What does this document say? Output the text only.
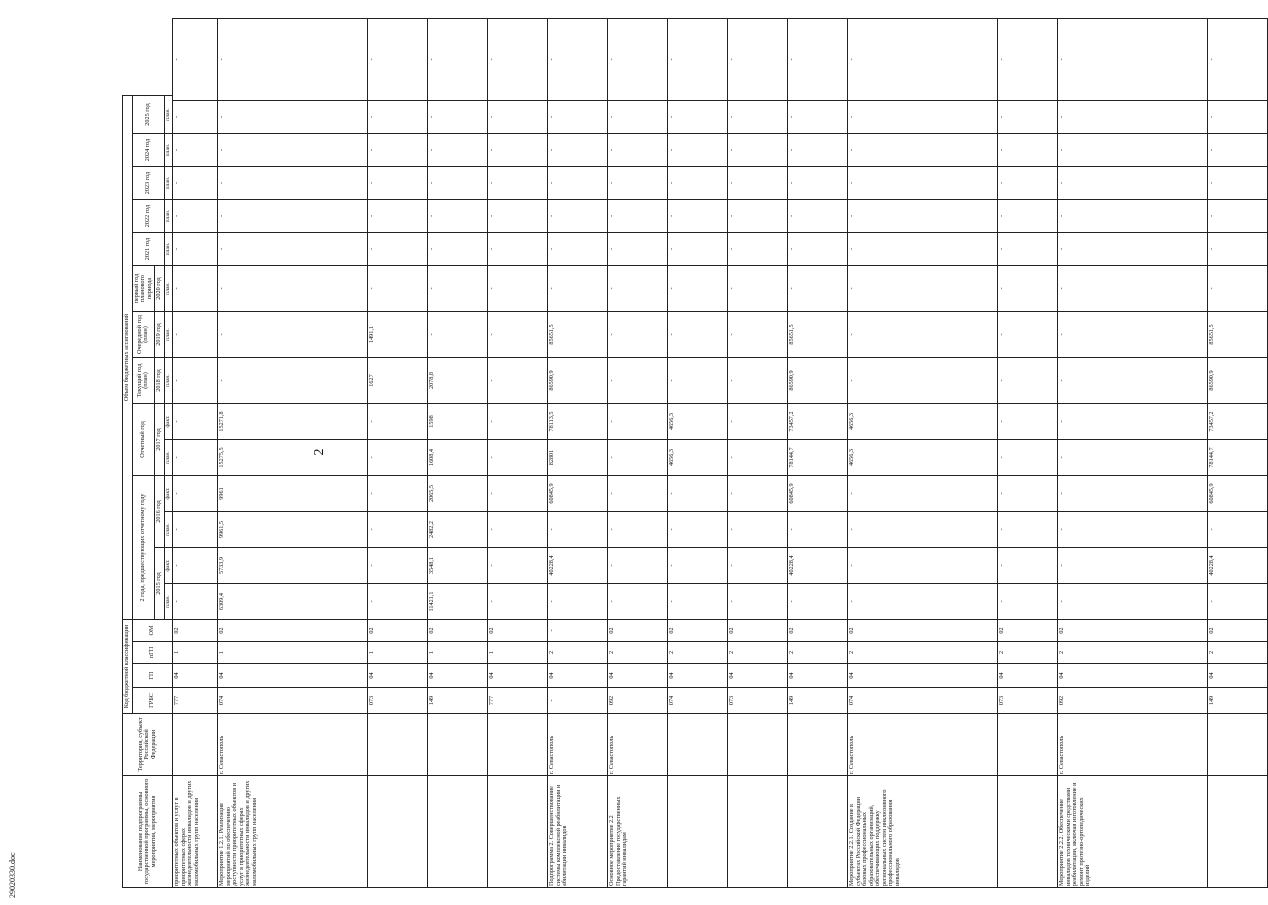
2
Наименование подпрограммы государственной программы, основного мероприятия, мероприятия	Территория, субъект Российской Федерации	Код бюджетной классификации				Объем бюджетных ассигнований														
		ГРБС	ГП	пГП	ОМ	2 года, предшествующих отчетному году				Отчетный год		Текущий год (план)	Очередной год (план)	первый год планового периода	2021 год	2022 год	2023 год	2024 год	2025 год	
						2015 год		2016 год		2017 год		2018 год	2019 год	2020 год						
						план.	факт.	план.	факт.	план.	факт.	план.	план.	план.	план.	план.	план.	план.	план.	
приоритетных объектов и услуг в приоритетных сферах жизнедеятельности инвалидов и других маломобильных групп населения		777	04	1	02	-	-	-	-	-	-	-	-	-	-	-	-	-	-	-
Мероприятие 1.2.1. Реализация мероприятий по обеспечению доступности приоритетных объектов и услуг в приоритетных сферах жизнедеятельности инвалидов и других маломобильных групп населения	г. Севастополь	074	04	1	02	6309,4	5733,9	9961,5	9961	15275,5	15271,8	-	-	-	-	-	-	-	-	-
		073	04	1	02	-	-	-	-	-	-	1627	1491,1	-	-	-	-	-	-	-
		149	04	1	02	11421,1	3548,1	2482,2	2065,5	1608,4	1598	2078,8	-	-	-	-	-	-	-	-
		777	04	1	02	-	-	-	-	-	-	-	-	-	-	-	-	-	-	-
Подпрограмма 2. Совершенствование системы комплексной реабилитации и абилитации инвалидов	г. Севастополь	-	04	2	-	-	40228,4	-	60845,9	82801	78113,5	86590,9	85651,5	-	-	-	-	-	-	-
Основное мероприятие 2.2 Предоставление государственных гарантий инвалидам	г. Севастополь	092	04	2	02	-	-	-	-	-	-	-	-	-	-	-	-	-	-	-
		074	04	2	02	-	-	-	-	4656,3	4656,3	-	-	-	-	-	-	-	-	-
		073	04	2	02	-	-	-	-	-	-	-	-	-	-	-	-	-	-	-
		149	04	2	02	-	40228,4	-	60845,9	78144,7	73457,2	86590,9	85651,5	-	-	-	-	-	-	-
Мероприятие 2.2.1. Создание в субъектах Российской Федерации базовых профессиональных образовательных организаций, обеспечивающих поддержку региональных систем инклюзивного профессионального образования инвалидов	г. Севастополь	074	04	2	02	-	-	-	-	4656,3	4656,3	-	-	-	-	-	-	-	-	-
		073	04	2	02	-	-	-	-	-	-	-	-	-	-	-	-	-	-	-
Мероприятие 2.2.2. Обеспечение инвалидов техническими средствами реабилитации, включая изготовление и ремонт протезно-ортопедических изделий	г. Севастополь	092	04	2	02	-	-	-	-	-	-	-	-	-	-	-	-	-	-	-
		149	04	2	02	-	40228,4	-	60845,9	78144,7	73457,2	86590,9	85651,5	-	-	-	-	-	-	-
29020330.doc
